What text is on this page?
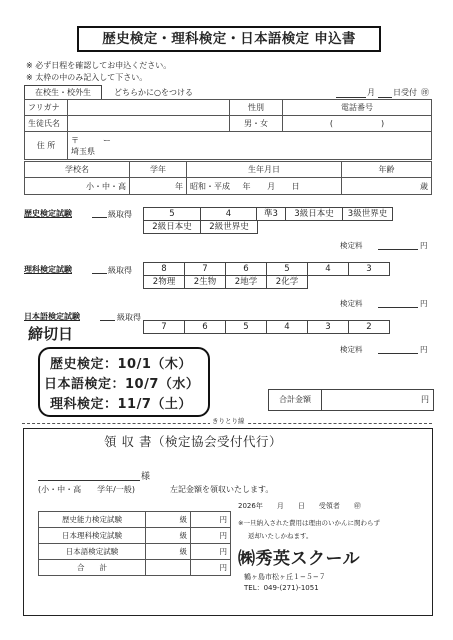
歴史検定・理科検定・日本語検定 申込書
※ 必ず日程を確認してお申込ください。
※ 太枠の中のみ記入して下さい。
在校生・校外生	どちらかに○をつける	月 日受付 ㊞
フリガナ		性別	電話番号
生徒氏名		男・女	(　　　　　　)
住 所	〒　　　ー
埼玉県		
学校名	学年	生年月日	年齢
小・中・高	年	昭和・平成 年 月 日	歳
歴史検定試験	級取得	5	4	準3	3級日本史	3級世界史
2級日本史	2級世界史
検定料	円
理科検定試験	級取得	8	7	6	5	4	3
2物理	2生物	2地学	2化学
検定料	円
日本語検定試験	級取得
7	6	5	4	3	2
検定料	円
締切日
歴史検定：10/1（木）
日本語検定：10/7（水）
理科検定：11/7（土）	合計金額	円
きりとり線
領 収 書（検定協会受付代行）
様
(小・中・高　　学年/一般)	左記金額を領収いたします。
2026年　　月　　日　　受領者　　㊞
歴史能力検定試験	級	円
日本理科検定試験	級	円
日本語検定試験	級	円
合　　計		円
※一旦納入された費用は理由のいかんに関わらず
返却いたしかねます。
㈱秀英スクール
鶴ヶ島市松ヶ丘１−５−７
TEL：049-(271)-1051
